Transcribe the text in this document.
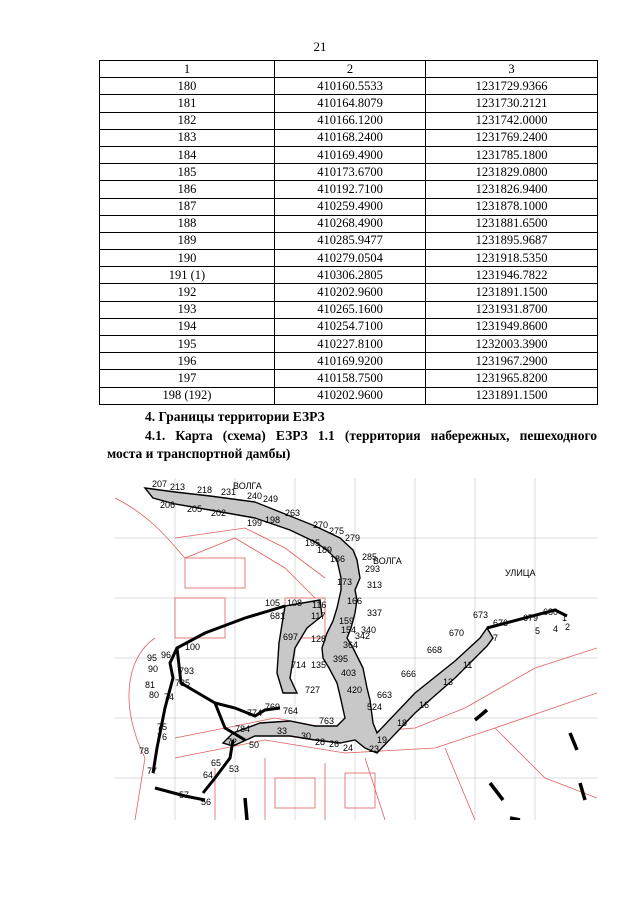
21
1	2	3
180	410160.5533	1231729.9366
181	410164.8079	1231730.2121
182	410166.1200	1231742.0000
183	410168.2400	1231769.2400
184	410169.4900	1231785.1800
185	410173.6700	1231829.0800
186	410192.7100	1231826.9400
187	410259.4900	1231878.1000
188	410268.4900	1231881.6500
189	410285.9477	1231895.9687
190	410279.0504	1231918.5350
191 (1)	410306.2805	1231946.7822
192	410202.9600	1231891.1500
193	410265.1600	1231931.8700
194	410254.7100	1231949.8600
195	410227.8100	1232003.3900
196	410169.9200	1231967.2900
197	410158.7500	1231965.8200
198 (192)	410202.9600	1231891.1500
4. Границы территории ЕЗРЗ
4.1. Карта (схема) ЕЗРЗ 1.1 (территория набережных, пешеходного
моста и транспортной дамбы)
ВОЛГА
ВОЛГА
УЛИЦА
207 213 218 231 240 249
206 205 202
199 198
263
270
275
279
195
189
186 285
293
173 313
166
337
159
154 340
342
105 108 116
681	117
697 128
364
100
95 96
90 793
714 135
395
403
81 785
80 74
727	420 663
524
769 764
774
763
75
76
784	33 30
28 26 24
72 50
78
19
23
18
16
13
11
666
668
670
673
676
7
679
680
1
5 4 2
65
64
53
77
57
56
